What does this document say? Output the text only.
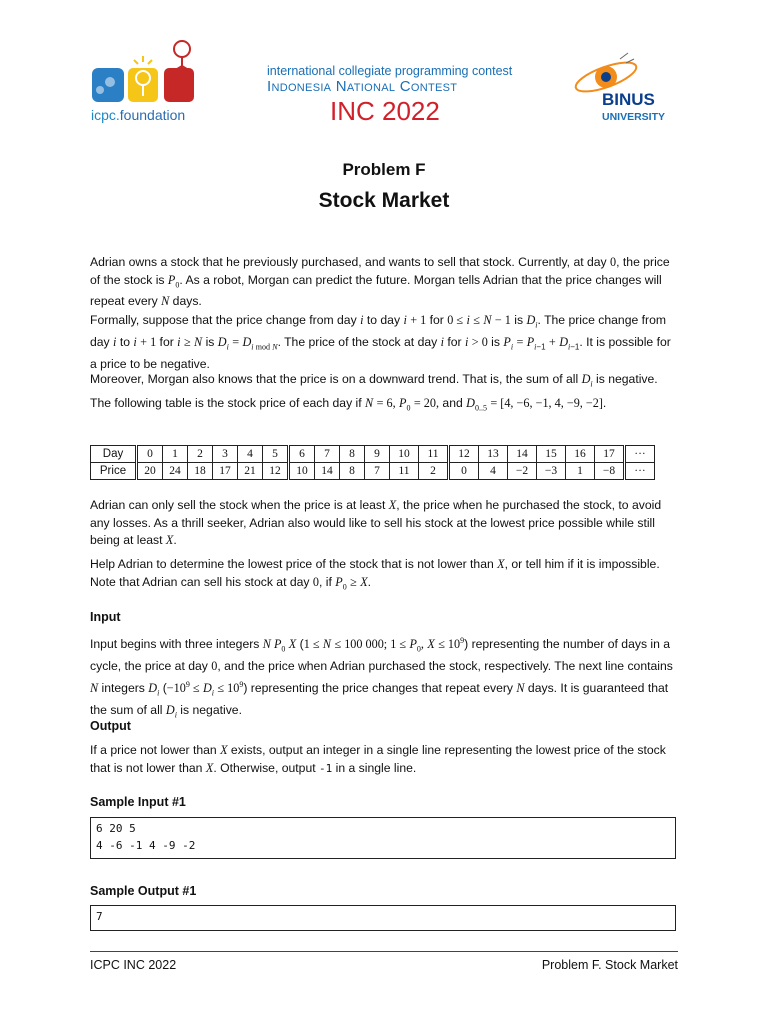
icpc.foundation
international collegiate programming contest
Indonesia National Contest
INC 2022	BINUS
UNIVERSITY
Problem F
Stock Market
Adrian owns a stock that he previously purchased, and wants to sell that stock. Currently, at day 0, the price of the stock is $P_0$. As a robot, Morgan can predict the future. Morgan tells Adrian that the price changes will repeat every N days.
Formally, suppose that the price change from day i to day i + 1 for 0 ≤ i ≤ N − 1 is $D_i$. The price change from day i to i + 1 for i ≥ N is $D_i = D_{i mod N}$. The price of the stock at day i for i > 0 is $P_i = P_{i-1} + D_{i-1}$. It is possible for a price to be negative.
Moreover, Morgan also knows that the price is on a downward trend. That is, the sum of all $D_i$ is negative.
The following table is the stock price of each day if N = 6, $P_0 = 20$, and $D_{0..5} = [4$, −6, −1, 4, −9, −2].
Day	0	1	2	3	4	5	6	7	8	9	10	11	12	13	14	15	16	17	···
Price	20	24	18	17	21	12	10	14	8	7	11	2	0	4	−2	−3	1	−8	···
Adrian can only sell the stock when the price is at least X, the price when he purchased the stock, to avoid any losses. As a thrill seeker, Adrian also would like to sell his stock at the lowest price possible while still being at least X.
Help Adrian to determine the lowest price of the stock that is not lower than X, or tell him if it is impossible. Note that Adrian can sell his stock at day 0, if $P_0 \ge X$.
Input
Input begins with three integers N $P_0$ X (1 ≤ N ≤ 100 000; $1 \le P_0$, $X \le 10^9$) representing the number of days in a cycle, the price at day 0, and the price when Adrian purchased the stock, respectively. The next line contains N integers $D_i$ $(-10^9 \le D_i \le 10^9)$ representing the price changes that repeat every N days. It is guaranteed that the sum of all $D_i$ is negative.
Output
If a price not lower than X exists, output an integer in a single line representing the lowest price of the stock that is not lower than X. Otherwise, output -1 in a single line.
Sample Input #1
6 20 5
4 -6 -1 4 -9 -2
Sample Output #1
7
ICPC INC 2022	Problem F. Stock Market
